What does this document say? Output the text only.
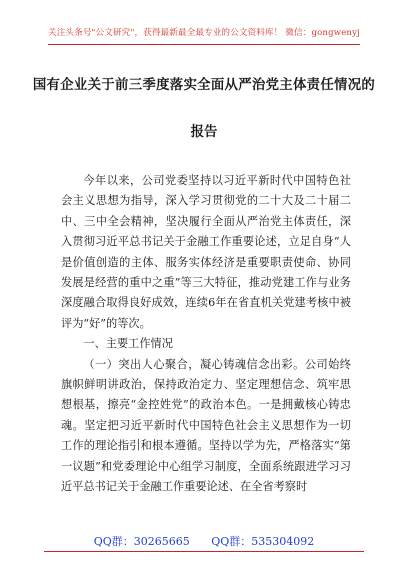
关注头条号"公文研究"，获得最新最全最专业的公文资料库！ 微信：gongwenyj
国有企业关于前三季度落实全面从严治党主体责任情况的
报告

今年以来，公司党委坚持以习近平新时代中国特色社会主义思想为指导，深入学习贯彻党的二十大及二十届二中、三中全会精神，坚决履行全面从严治党主体责任，深入贯彻习近平总书记关于金融工作重要论述，立足自身“人是价值创造的主体、服务实体经济是重要职责使命、协同发展是经营的重中之重”等三大特征，推动党建工作与业务深度融合取得良好成效，连续6年在省直机关党建考核中被评为“好”的等次。

一、主要工作情况

（一）突出人心聚合，凝心铸魂信念出彩。公司始终旗帜鲜明讲政治，保持政治定力、坚定理想信念、筑牢思想根基，擦亮“金控姓党”的政治本色。一是拥戴核心铸忠魂。坚定把习近平新时代中国特色社会主义思想作为一切工作的理论指引和根本遵循。坚持以学为先，严格落实“第一议题”和党委理论中心组学习制度，全面系统跟进学习习近平总书记关于金融工作重要论述、在全省考察时

QQ群：30265665 QQ群：535304092
